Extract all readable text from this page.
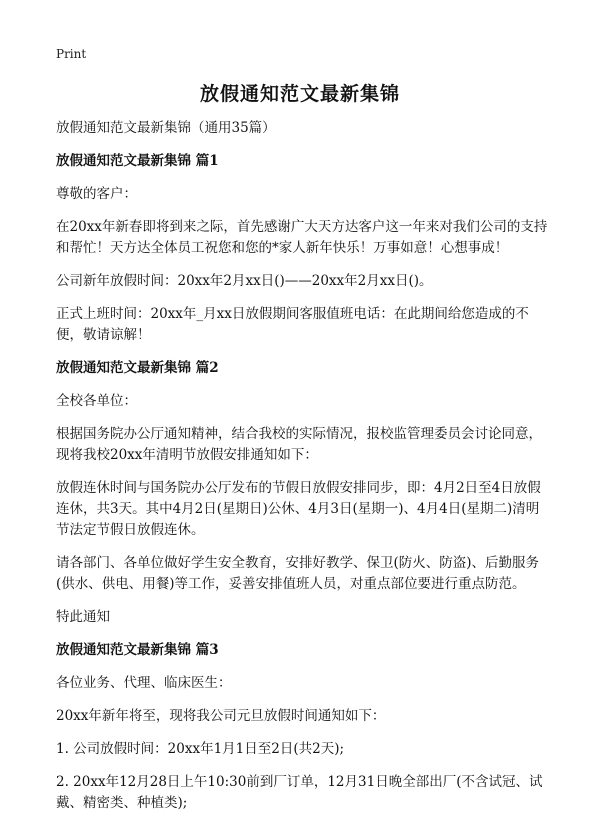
Print
放假通知范文最新集锦

放假通知范文最新集锦（通用35篇）

放假通知范文最新集锦 篇1

尊敬的客户：

在20xx年新春即将到来之际，首先感谢广大天方达客户这一年来对我们公司的支持和帮忙！天方达全体员工祝您和您的*家人新年快乐！万事如意！心想事成！

公司新年放假时间：20xx年2月xx日()——20xx年2月xx日()。

正式上班时间：20xx年_月xx日放假期间客服值班电话：在此期间给您造成的不便，敬请谅解！

放假通知范文最新集锦 篇2

全校各单位：

根据国务院办公厅通知精神，结合我校的实际情况，报校监管理委员会讨论同意，现将我校20xx年清明节放假安排通知如下：

放假连休时间与国务院办公厅发布的节假日放假安排同步，即：4月2日至4日放假连休，共3天。其中4月2日(星期日)公休、4月3日(星期一)、4月4日(星期二)清明节法定节假日放假连休。

请各部门、各单位做好学生安全教育，安排好教学、保卫(防火、防盗)、后勤服务(供水、供电、用餐)等工作，妥善安排值班人员，对重点部位要进行重点防范。

特此通知

放假通知范文最新集锦 篇3

各位业务、代理、临床医生：

20xx年新年将至，现将我公司元旦放假时间通知如下：

1. 公司放假时间：20xx年1月1日至2日(共2天);

2. 20xx年12月28日上午10:30前到厂订单，12月31日晚全部出厂(不含试冠、试戴、精密类、种植类);
